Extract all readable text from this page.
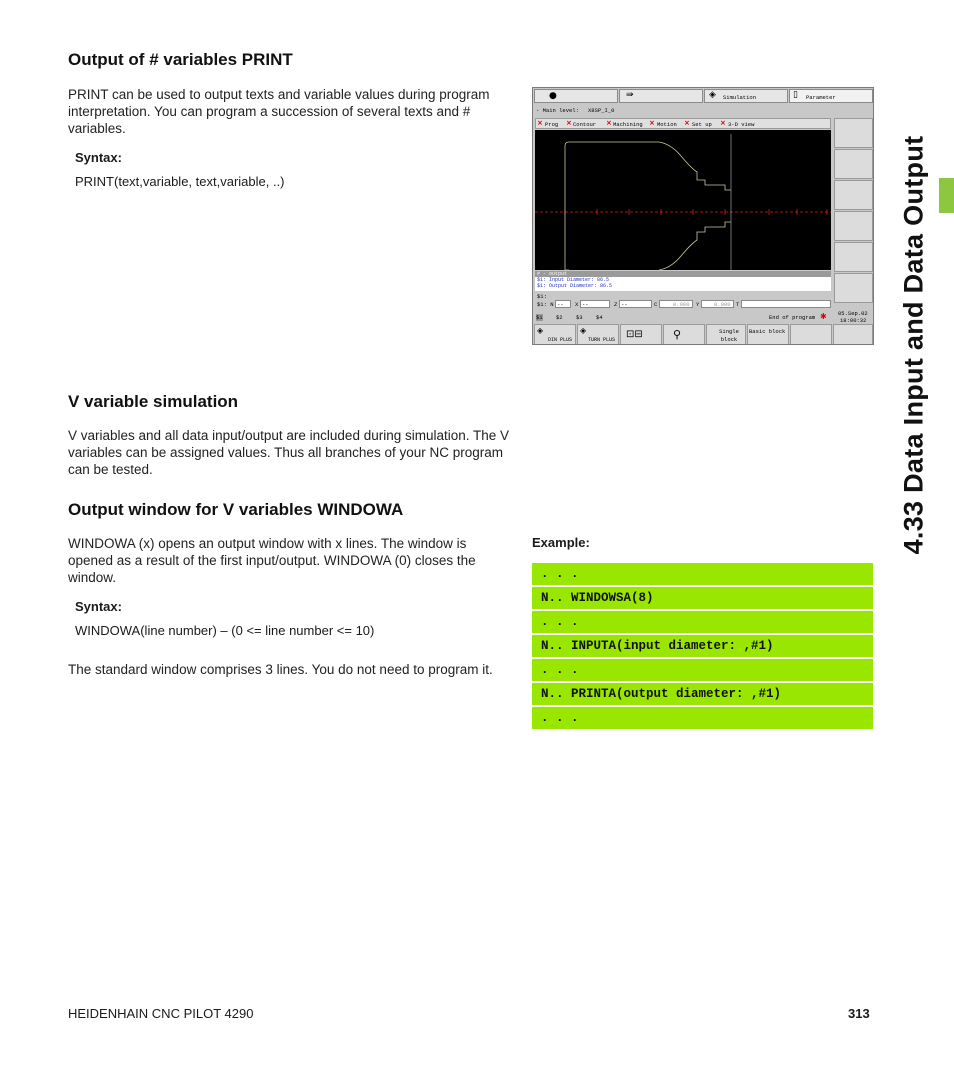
Output of # variables PRINT

PRINT can be used to output texts and variable values during program interpretation. You can program a succession of several texts and # variables.

Syntax:
PRINT(text,variable, text,variable, ..)
●	⇛	◈ Simulation	▯ Parameter
- Main level: X8SP_I_0
× Prog × Contour × Machining × Motion × Set up × 3-D view
# - output
$1: Input Diameter: 86.5
$1: Output Diameter: 86.5
$1:
$1: N -- X --	Z --	C	0.000 Y	0.000 T
$1 $2 $3 $4	End of program ✱ 05.Sep.02
18:00:32
◈
DIN PLUS
◈
TURN PLUS ⊡⊟	⚲	Single block
Basic block
V variable simulation

V variables and all data input/output are included during simulation. The V variables can be assigned values. Thus all branches of your NC program can be tested.

Output window for V variables WINDOWA

WINDOWA (x) opens an output window with x lines. The window is opened as a result of the first input/output. WINDOWA (0) closes the window.

Syntax:
WINDOWA(line number) – (0 <= line number <= 10)

The standard window comprises 3 lines. You do not need to program it.

Example:
. . .
N.. WINDOWSA(8)
. . .
N.. INPUTA(input diameter: ,#1)
. . .
N.. PRINTA(output diameter: ,#1)
. . .
4.33 Data Input and Data Output
HEIDENHAIN CNC PILOT 4290	313
